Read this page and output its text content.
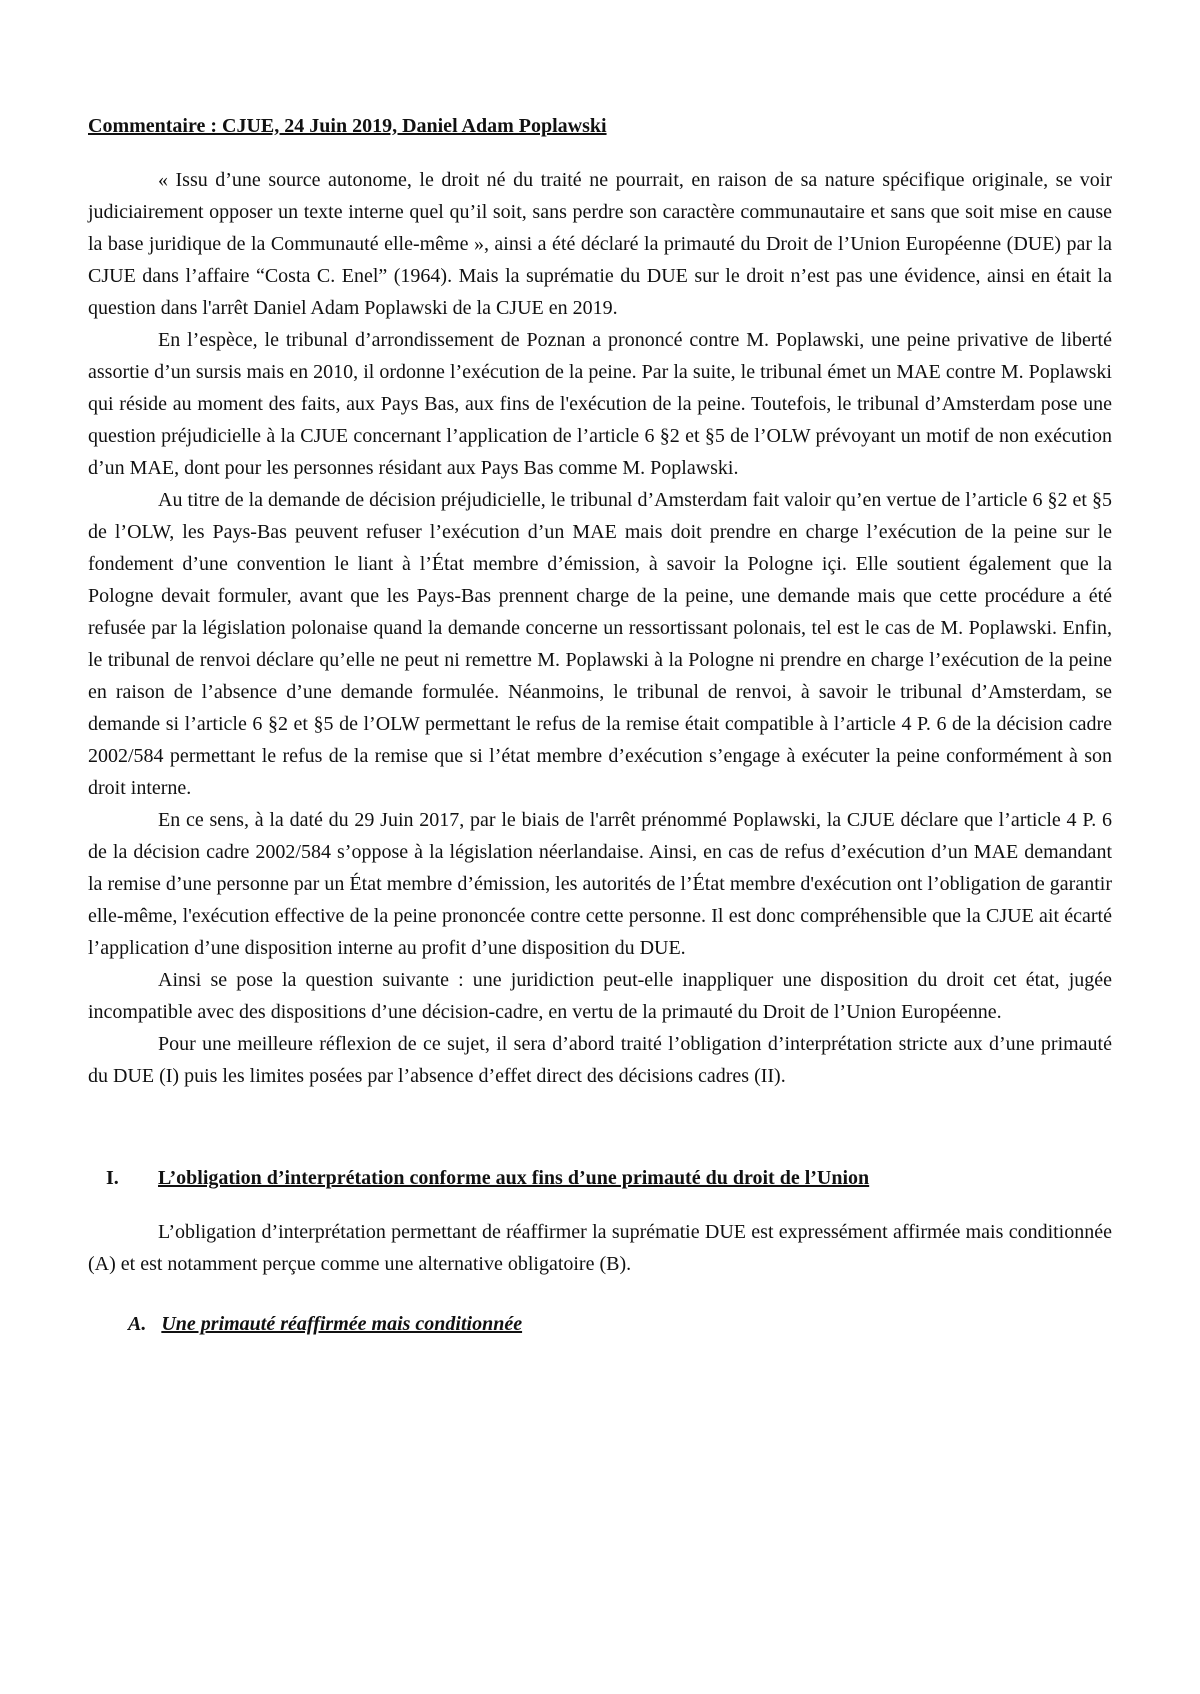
Commentaire : CJUE, 24 Juin 2019, Daniel Adam Poplawski

« Issu d’une source autonome, le droit né du traité ne pourrait, en raison de sa nature spécifique originale, se voir judiciairement opposer un texte interne quel qu’il soit, sans perdre son caractère communautaire et sans que soit mise en cause la base juridique de la Communauté elle-même », ainsi a été déclaré la primauté du Droit de l’Union Européenne (DUE) par la CJUE dans l’affaire “Costa C. Enel” (1964). Mais la suprématie du DUE sur le droit n’est pas une évidence, ainsi en était la question dans l'arrêt Daniel Adam Poplawski de la CJUE en 2019.

En l’espèce, le tribunal d’arrondissement de Poznan a prononcé contre M. Poplawski, une peine privative de liberté assortie d’un sursis mais en 2010, il ordonne l’exécution de la peine. Par la suite, le tribunal émet un MAE contre M. Poplawski qui réside au moment des faits, aux Pays Bas, aux fins de l'exécution de la peine. Toutefois, le tribunal d’Amsterdam pose une question préjudicielle à la CJUE concernant l’application de l’article 6 §2 et §5 de l’OLW prévoyant un motif de non exécution d’un MAE, dont pour les personnes résidant aux Pays Bas comme M. Poplawski.

Au titre de la demande de décision préjudicielle, le tribunal d’Amsterdam fait valoir qu’en vertue de l’article 6 §2 et §5 de l’OLW, les Pays-Bas peuvent refuser l’exécution d’un MAE mais doit prendre en charge l’exécution de la peine sur le fondement d’une convention le liant à l’État membre d’émission, à savoir la Pologne içi. Elle soutient également que la Pologne devait formuler, avant que les Pays-Bas prennent charge de la peine, une demande mais que cette procédure a été refusée par la législation polonaise quand la demande concerne un ressortissant polonais, tel est le cas de M. Poplawski. Enfin, le tribunal de renvoi déclare qu’elle ne peut ni remettre M. Poplawski à la Pologne ni prendre en charge l’exécution de la peine en raison de l’absence d’une demande formulée. Néanmoins, le tribunal de renvoi, à savoir le tribunal d’Amsterdam, se demande si l’article 6 §2 et §5 de l’OLW permettant le refus de la remise était compatible à l’article 4 P. 6 de la décision cadre 2002/584 permettant le refus de la remise que si l’état membre d’exécution s’engage à exécuter la peine conformément à son droit interne.

En ce sens, à la daté du 29 Juin 2017, par le biais de l'arrêt prénommé Poplawski, la CJUE déclare que l’article 4 P. 6 de la décision cadre 2002/584 s’oppose à la législation néerlandaise. Ainsi, en cas de refus d’exécution d’un MAE demandant la remise d’une personne par un État membre d’émission, les autorités de l’État membre d'exécution ont l’obligation de garantir elle-même, l'exécution effective de la peine prononcée contre cette personne. Il est donc compréhensible que la CJUE ait écarté l’application d’une disposition interne au profit d’une disposition du DUE.

Ainsi se pose la question suivante : une juridiction peut-elle inappliquer une disposition du droit cet état, jugée incompatible avec des dispositions d’une décision-cadre, en vertu de la primauté du Droit de l’Union Européenne.

Pour une meilleure réflexion de ce sujet, il sera d’abord traité l’obligation d’interprétation stricte aux d’une primauté du DUE (I) puis les limites posées par l’absence d’effet direct des décisions cadres (II).

I.	L’obligation d’interprétation conforme aux fins d’une primauté du droit de l’Union

L’obligation d’interprétation permettant de réaffirmer la suprématie DUE est expressément affirmée mais conditionnée (A) et est notamment perçue comme une alternative obligatoire (B).

A. Une primauté réaffirmée mais conditionnée
